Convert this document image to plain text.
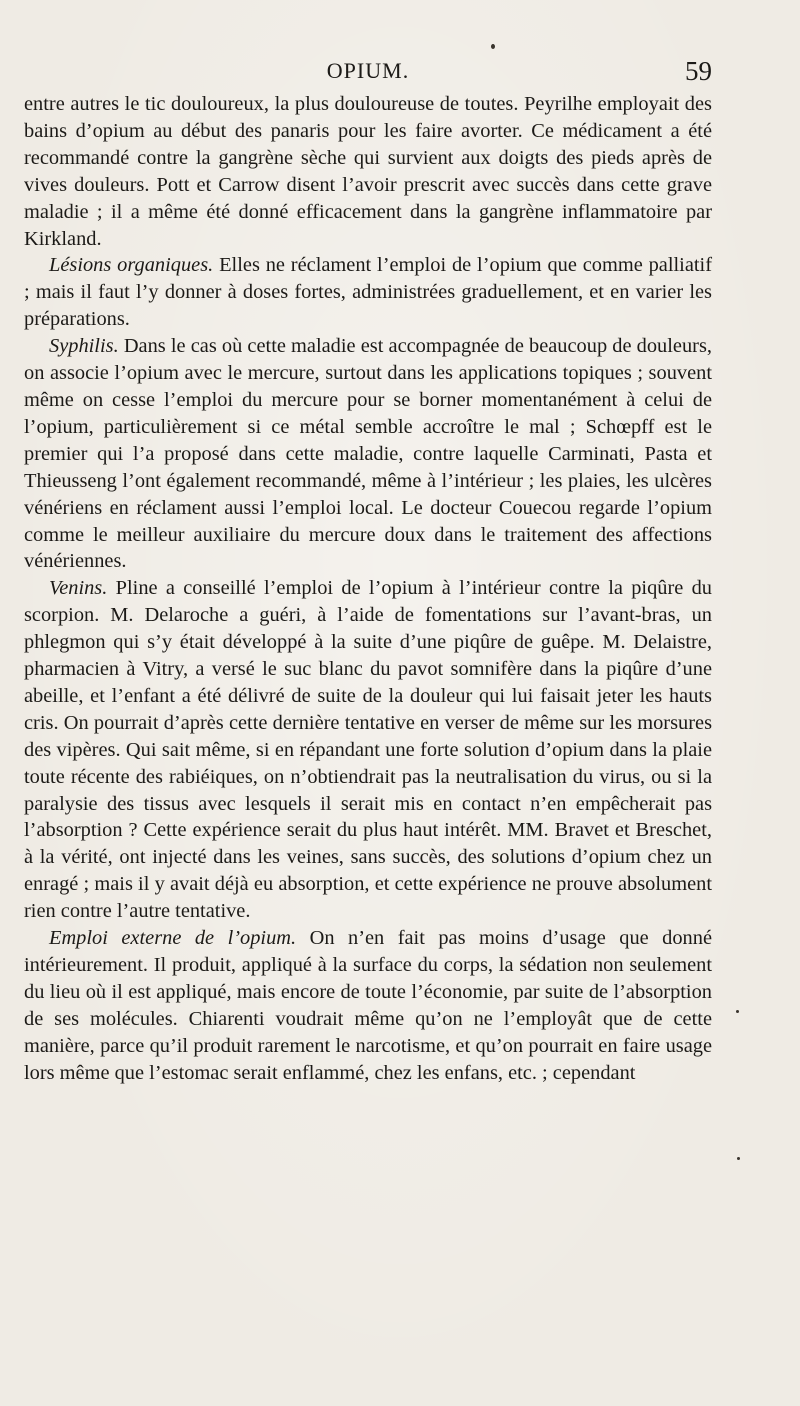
OPIUM.	59

entre autres le tic douloureux, la plus douloureuse de toutes. Peyrilhe employait des bains d’opium au début des panaris pour les faire avorter. Ce médicament a été recommandé contre la gangrène sèche qui survient aux doigts des pieds après de vives douleurs. Pott et Carrow disent l’avoir prescrit avec succès dans cette grave maladie ; il a même été donné efficacement dans la gangrène inflammatoire par Kirkland.

Lésions organiques. Elles ne réclament l’emploi de l’opium que comme palliatif ; mais il faut l’y donner à doses fortes, administrées graduellement, et en varier les préparations.

Syphilis. Dans le cas où cette maladie est accompagnée de beaucoup de douleurs, on associe l’opium avec le mercure, surtout dans les applications topiques ; souvent même on cesse l’emploi du mercure pour se borner momentanément à celui de l’opium, particulièrement si ce métal semble accroître le mal ; Schœpff est le premier qui l’a proposé dans cette maladie, contre laquelle Carminati, Pasta et Thieusseng l’ont également recommandé, même à l’intérieur ; les plaies, les ulcères vénériens en réclament aussi l’emploi local. Le docteur Couecou regarde l’opium comme le meilleur auxiliaire du mercure doux dans le traitement des affections vénériennes.

Venins. Pline a conseillé l’emploi de l’opium à l’intérieur contre la piqûre du scorpion. M. Delaroche a guéri, à l’aide de fomentations sur l’avant-bras, un phlegmon qui s’y était développé à la suite d’une piqûre de guêpe. M. Delaistre, pharmacien à Vitry, a versé le suc blanc du pavot somnifère dans la piqûre d’une abeille, et l’enfant a été délivré de suite de la douleur qui lui faisait jeter les hauts cris. On pourrait d’après cette dernière tentative en verser de même sur les morsures des vipères. Qui sait même, si en répandant une forte solution d’opium dans la plaie toute récente des rabiéiques, on n’obtiendrait pas la neutralisation du virus, ou si la paralysie des tissus avec lesquels il serait mis en contact n’en empêcherait pas l’absorption ? Cette expérience serait du plus haut intérêt. MM. Bravet et Breschet, à la vérité, ont injecté dans les veines, sans succès, des solutions d’opium chez un enragé ; mais il y avait déjà eu absorption, et cette expérience ne prouve absolument rien contre l’autre tentative.

Emploi externe de l’opium. On n’en fait pas moins d’usage que donné intérieurement. Il produit, appliqué à la surface du corps, la sédation non seulement du lieu où il est appliqué, mais encore de toute l’économie, par suite de l’absorption de ses molécules. Chiarenti voudrait même qu’on ne l’employât que de cette manière, parce qu’il produit rarement le narcotisme, et qu’on pourrait en faire usage lors même que l’estomac serait enflammé, chez les enfans, etc. ; cependant
